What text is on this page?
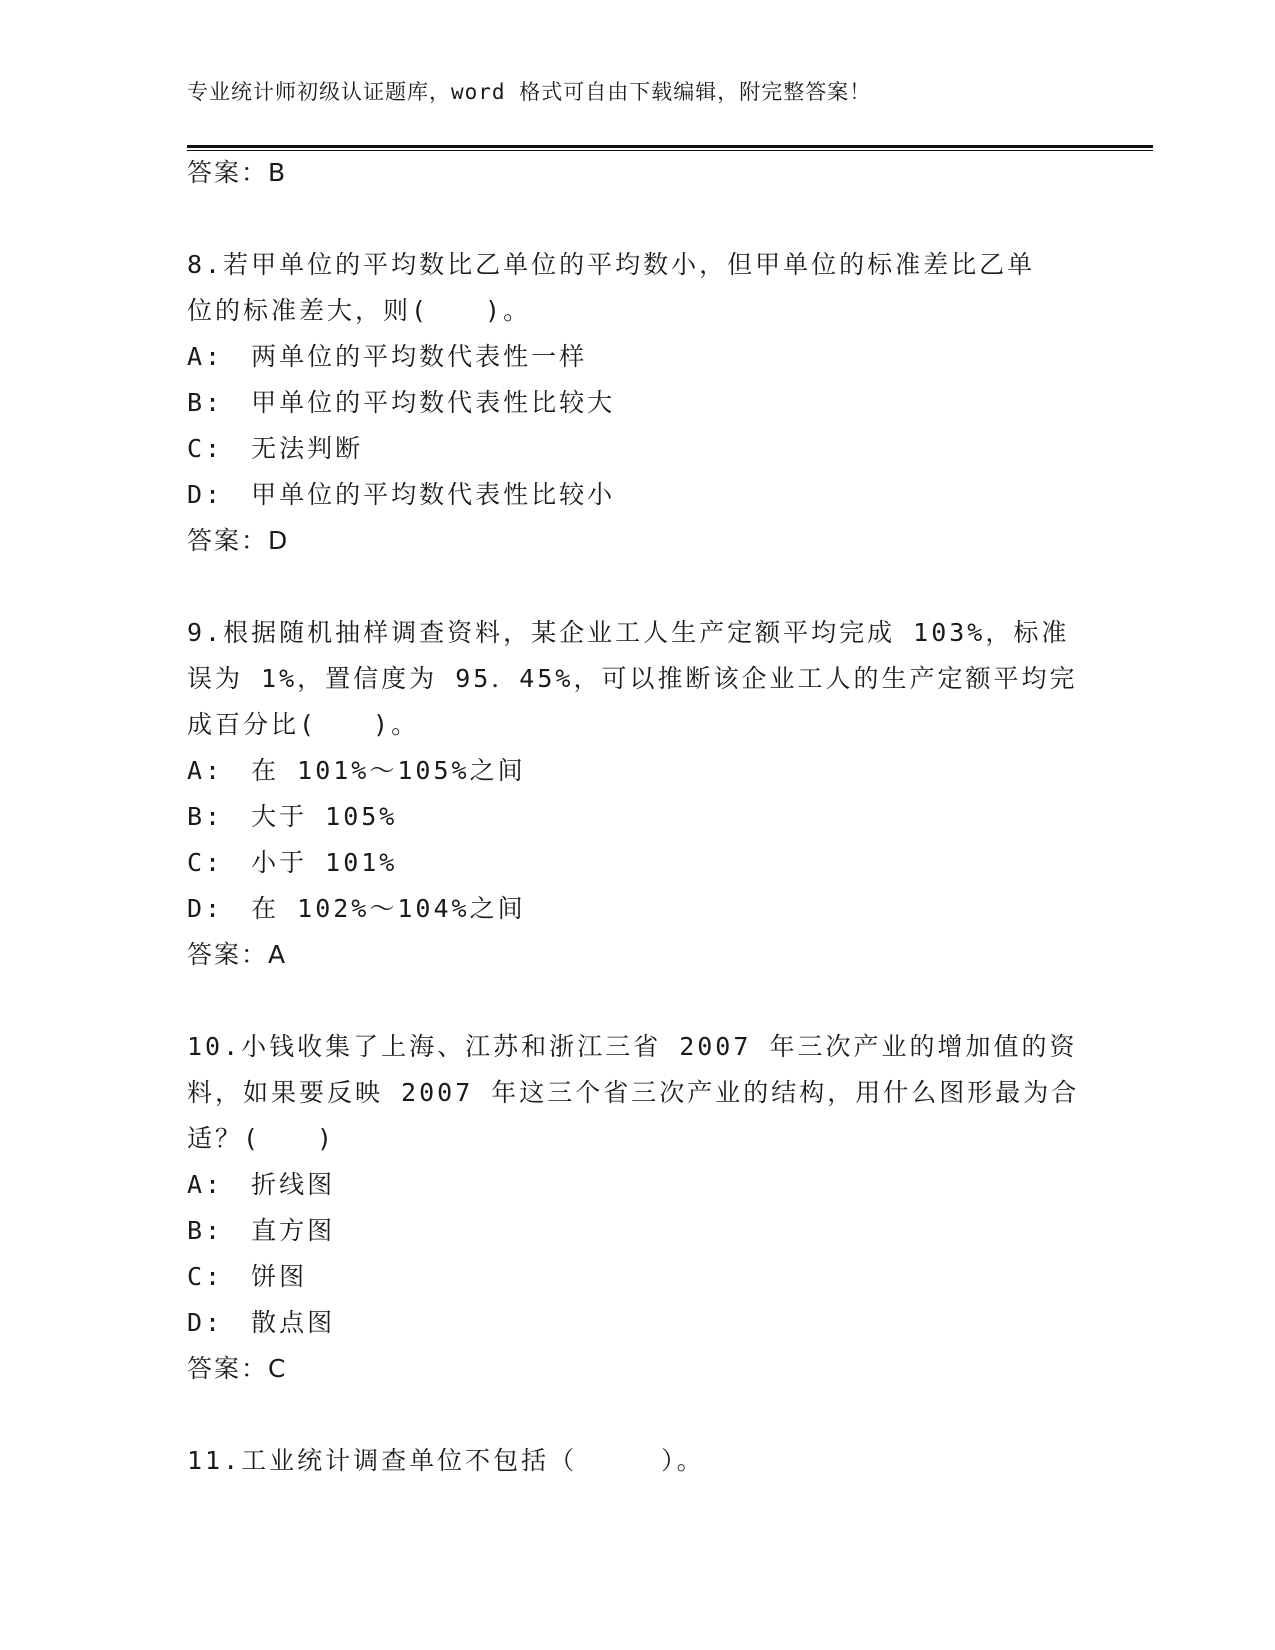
专业统计师初级认证题库，word 格式可自由下载编辑，附完整答案！
答案：B
8.若甲单位的平均数比乙单位的平均数小，但甲单位的标准差比乙单
位的标准差大，则(　　)。
A:　两单位的平均数代表性一样
B:　甲单位的平均数代表性比较大
C:　无法判断
D:　甲单位的平均数代表性比较小
答案：D
9.根据随机抽样调查资料，某企业工人生产定额平均完成 103%，标准
误为 1%，置信度为 95．45%，可以推断该企业工人的生产定额平均完
成百分比(　　)。
A:　在 101%～105%之间
B:　大于 105%
C:　小于 101%
D:　在 102%～104%之间
答案：A
10.小钱收集了上海、江苏和浙江三省 2007 年三次产业的增加值的资
料，如果要反映 2007 年这三个省三次产业的结构，用什么图形最为合
适？(　　)
A:　折线图
B:　直方图
C:　饼图
D:　散点图
答案：C
11.工业统计调查单位不包括（　　　）。
